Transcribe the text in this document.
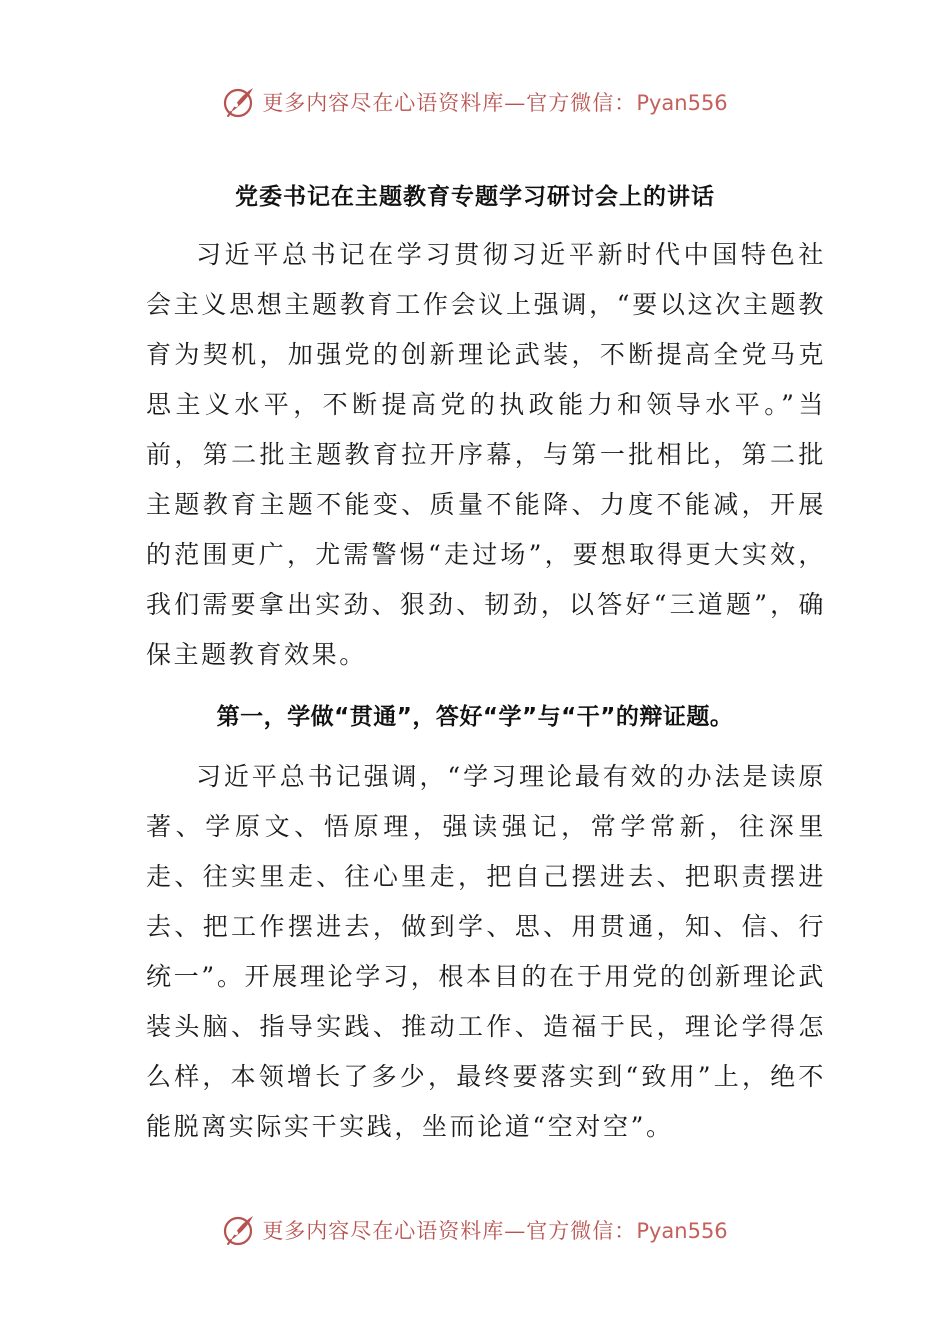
更多内容尽在心语资料库—官方微信：Pyan556
党委书记在主题教育专题学习研讨会上的讲话

习近平总书记在学习贯彻习近平新时代中国特色社会主义思想主题教育工作会议上强调，“要以这次主题教育为契机，加强党的创新理论武装，不断提高全党马克思主义水平，不断提高党的执政能力和领导水平。”当前，第二批主题教育拉开序幕，与第一批相比，第二批主题教育主题不能变、质量不能降、力度不能减，开展的范围更广，尤需警惕“走过场”，要想取得更大实效，我们需要拿出实劲、狠劲、韧劲，以答好“三道题”，确保主题教育效果。

第一，学做“贯通”，答好“学”与“干”的辩证题。

习近平总书记强调，“学习理论最有效的办法是读原著、学原文、悟原理，强读强记，常学常新，往深里走、往实里走、往心里走，把自己摆进去、把职责摆进去、把工作摆进去，做到学、思、用贯通，知、信、行统一”。开展理论学习，根本目的在于用党的创新理论武装头脑、指导实践、推动工作、造福于民，理论学得怎么样，本领增长了多少，最终要落实到“致用”上，绝不能脱离实际实干实践，坐而论道“空对空”。

更多内容尽在心语资料库—官方微信：Pyan556
